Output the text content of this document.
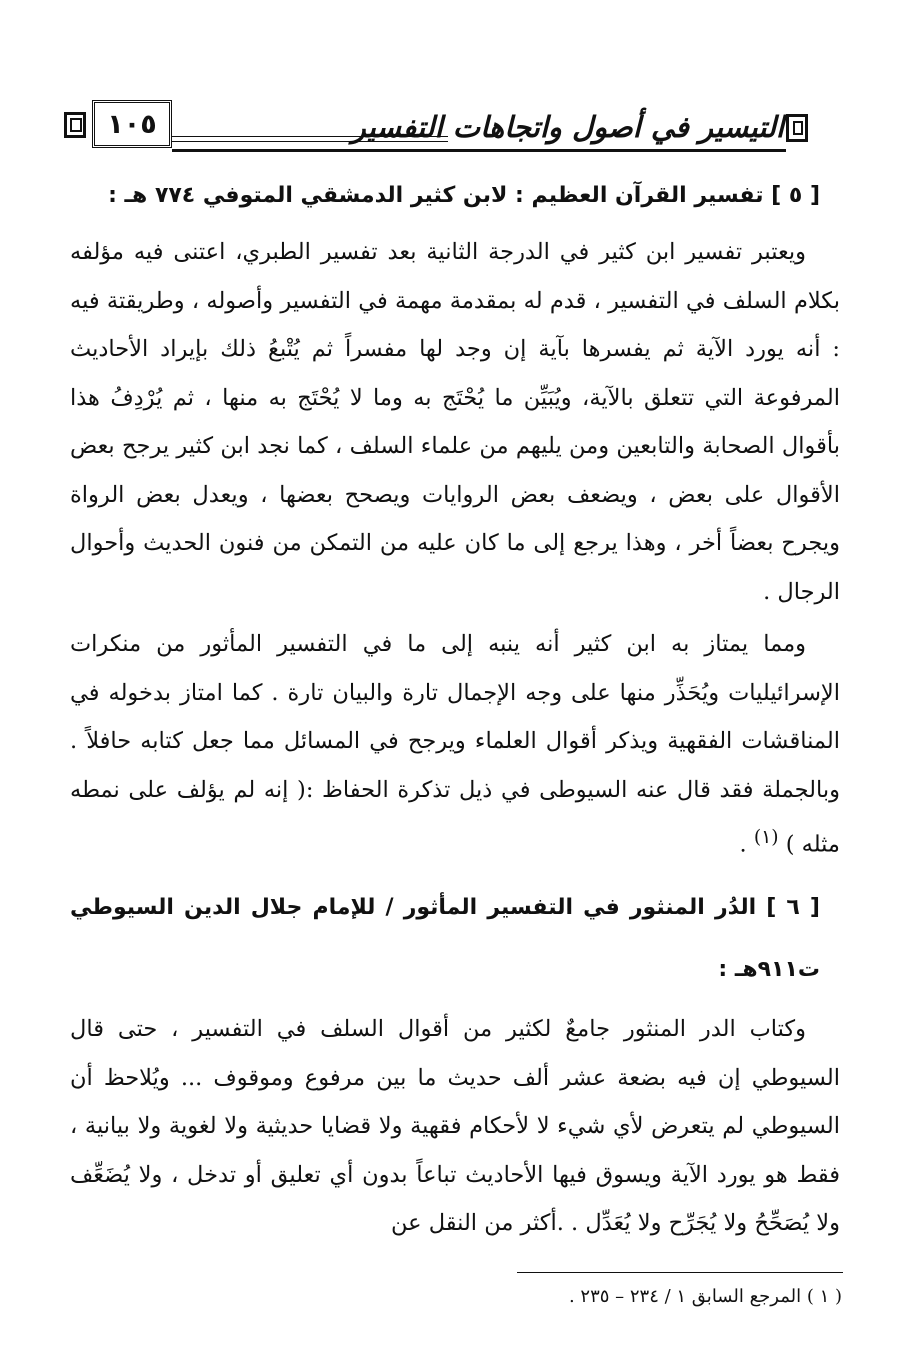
١٠٥	التيسير في أصول واتجاهات التفسير

[ ٥ ] تفسير القرآن العظيم : لابن كثير الدمشقي المتوفي ٧٧٤ هـ :

ويعتبر تفسير ابن كثير في الدرجة الثانية بعد تفسير الطبري، اعتنى فيه مؤلفه بكلام السلف في التفسير ، قدم له بمقدمة مهمة في التفسير وأصوله ، وطريقتة فيه : أنه يورد الآية ثم يفسرها بآية إن وجد لها مفسراً ثم يُتْبعُ ذلك بإيراد الأحاديث المرفوعة التي تتعلق بالآية، ويُبَيِّن ما يُحْتَج به وما لا يُحْتَج به منها ، ثم يُرْدِفُ هذا بأقوال الصحابة والتابعين ومن يليهم من علماء السلف ، كما نجد ابن كثير يرجح بعض الأقوال على بعض ، ويضعف بعض الروايات ويصحح بعضها ، ويعدل بعض الرواة ويجرح بعضاً أخر ، وهذا يرجع إلى ما كان عليه من التمكن من فنون الحديث وأحوال الرجال .

ومما يمتاز به ابن كثير أنه ينبه إلى ما في التفسير المأثور من منكرات الإسرائيليات ويُحَذِّر منها على وجه الإجمال تارة والبيان تارة . كما امتاز بدخوله في المناقشات الفقهية ويذكر أقوال العلماء ويرجح في المسائل مما جعل كتابه حافلاً . وبالجملة فقد قال عنه السيوطى في ذيل تذكرة الحفاظ :( إنه لم يؤلف على نمطه مثله ) $^{(١)}$ .

[ ٦ ] الدُر المنثور في التفسير المأثور / للإمام جلال الدين السيوطي ت٩١١هـ :

وكتاب الدر المنثور جامعٌ لكثير من أقوال السلف في التفسير ، حتى قال السيوطي إن فيه بضعة عشر ألف حديث ما بين مرفوع وموقوف ... ويُلاحظ أن السيوطي لم يتعرض لأي شيء لا لأحكام فقهية ولا قضايا حديثية ولا لغوية ولا بيانية ، فقط هو يورد الآية ويسوق فيها الأحاديث تباعاً بدون أي تعليق أو تدخل ، ولا يُضَعِّف ولا يُصَحِّحُ ولا يُجَرِّح ولا يُعَدِّل . .أكثر من النقل عن

( ١ ) المرجع السابق ١ / ٢٣٤ – ٢٣٥ .
